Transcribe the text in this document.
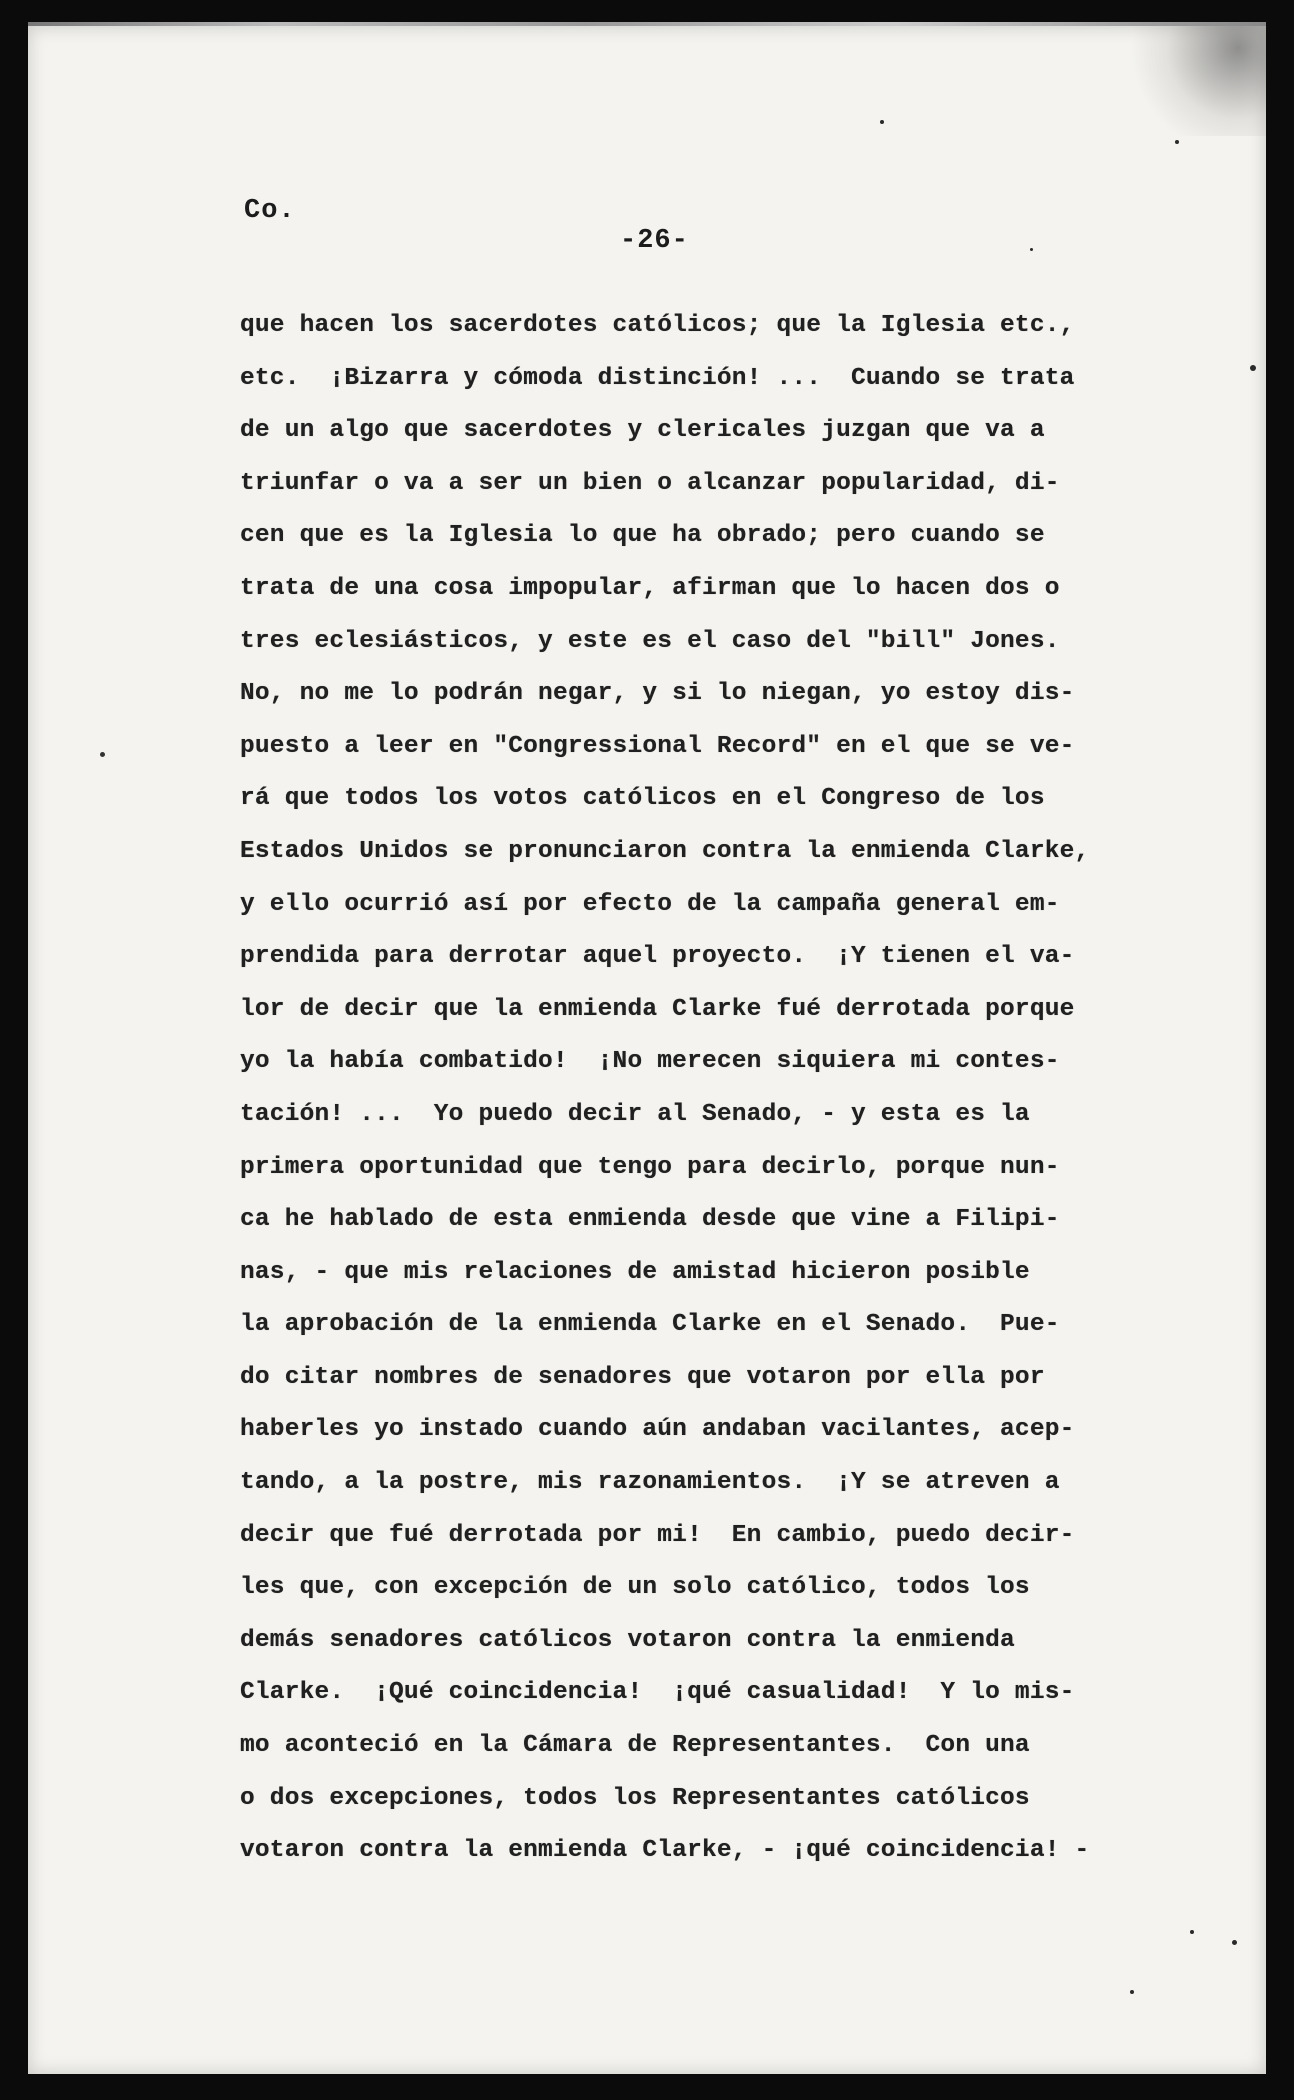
Co.
-26-
que hacen los sacerdotes católicos; que la Iglesia etc.,
etc.  ¡Bizarra y cómoda distinción! ...  Cuando se trata
de un algo que sacerdotes y clericales juzgan que va a
triunfar o va a ser un bien o alcanzar popularidad, di-
cen que es la Iglesia lo que ha obrado; pero cuando se
trata de una cosa impopular, afirman que lo hacen dos o
tres eclesiásticos, y este es el caso del "bill" Jones.
No, no me lo podrán negar, y si lo niegan, yo estoy dis-
puesto a leer en "Congressional Record" en el que se ve-
rá que todos los votos católicos en el Congreso de los
Estados Unidos se pronunciaron contra la enmienda Clarke,
y ello ocurrió así por efecto de la campaña general em-
prendida para derrotar aquel proyecto.  ¡Y tienen el va-
lor de decir que la enmienda Clarke fué derrotada porque
yo la había combatido!  ¡No merecen siquiera mi contes-
tación! ...  Yo puedo decir al Senado, - y esta es la
primera oportunidad que tengo para decirlo, porque nun-
ca he hablado de esta enmienda desde que vine a Filipi-
nas, - que mis relaciones de amistad hicieron posible
la aprobación de la enmienda Clarke en el Senado.  Pue-
do citar nombres de senadores que votaron por ella por
haberles yo instado cuando aún andaban vacilantes, acep-
tando, a la postre, mis razonamientos.  ¡Y se atreven a
decir que fué derrotada por mi!  En cambio, puedo decir-
les que, con excepción de un solo católico, todos los
demás senadores católicos votaron contra la enmienda
Clarke.  ¡Qué coincidencia!  ¡qué casualidad!  Y lo mis-
mo aconteció en la Cámara de Representantes.  Con una
o dos excepciones, todos los Representantes católicos
votaron contra la enmienda Clarke, - ¡qué coincidencia! -
